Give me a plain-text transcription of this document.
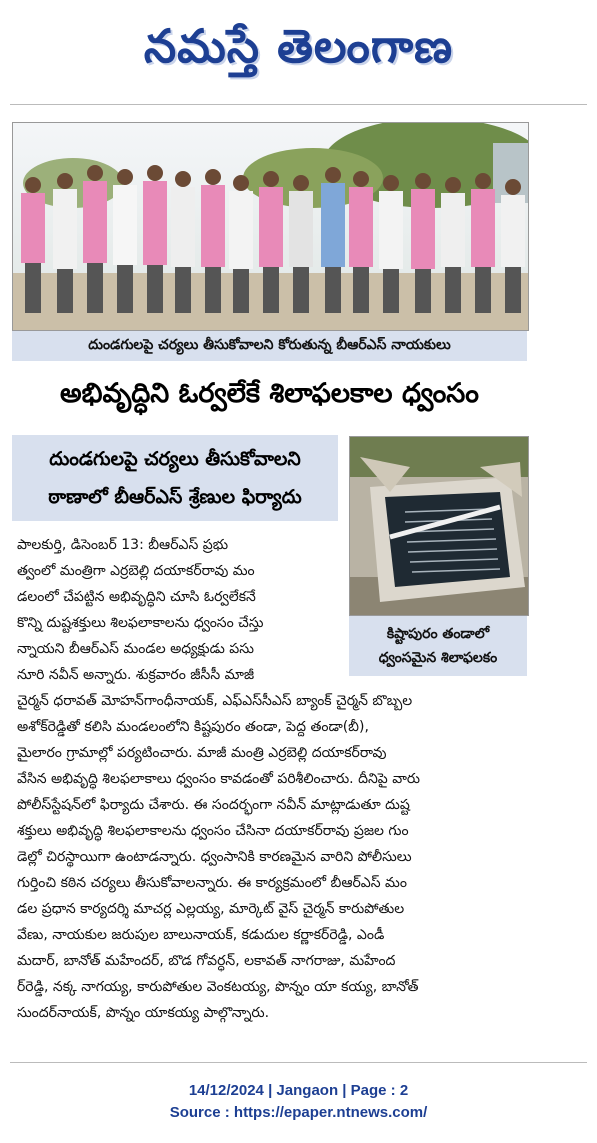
నమస్తే తెలంగాణ
దుండగులపై చర్యలు తీసుకోవాలని కోరుతున్న బీఆర్ఎస్ నాయకులు
అభివృద్ధిని ఓర్వలేకే శిలాఫలకాల ధ్వంసం
దుండగులపై చర్యలు తీసుకోవాలని
ఠాణాలో బీఆర్ఎస్ శ్రేణుల ఫిర్యాదు
కిష్టాపురం తండాలో
ధ్వంసమైన శిలాఫలకం
పాలకుర్తి, డిసెంబర్ 13: బీఆర్ఎస్ ప్రభు
త్వంలో మంత్రిగా ఎర్రబెల్లి దయాకర్‌రావు మం
డలంలో చేపట్టిన అభివృద్ధిని చూసి ఓర్వలేకనే
కొన్ని దుష్టశక్తులు శిలఫలాకాలను ధ్వంసం చేస్తు
న్నాయని బీఆర్ఎస్ మండల అధ్యక్షుడు పసు
నూరి నవీన్ అన్నారు. శుక్రవారం జీసీసీ మాజీ
చైర్మన్ ధరావత్ మోహన్‌గాంధీనాయక్, ఎఫ్ఎస్‌సీఎస్ బ్యాంక్ చైర్మన్ బొబ్బల
అశోక్‌రెడ్డితో కలిసి మండలంలోని కిష్టపురం తండా, పెద్ద తండా(బీ),
మైలారం గ్రామాల్లో పర్యటించారు. మాజీ మంత్రి ఎర్రబెల్లి దయాకర్‌రావు
వేసిన అభివృద్ధి శిలఫలాకాలు ధ్వంసం కావడంతో పరిశీలించారు. దీనిపై వారు
పోలీస్‌స్టేషన్‌లో ఫిర్యాదు చేశారు. ఈ సందర్భంగా నవీన్ మాట్లాడుతూ దుష్ట
శక్తులు అభివృద్ధి శిలఫలాకాలను ధ్వంసం చేసినా దయాకర్‌రావు ప్రజల గుం
డెల్లో చిరస్థాయిగా ఉంటాడన్నారు. ధ్వంసానికి కారణమైన వారిని పోలీసులు
గుర్తించి కఠిన చర్యలు తీసుకోవాలన్నారు. ఈ కార్యక్రమంలో బీఆర్ఎస్ మం
డల ప్రధాన కార్యదర్శి మాచర్ల ఎల్లయ్య, మార్కెట్ వైస్ చైర్మన్ కారుపోతుల
వేణు, నాయకుల జరుపుల బాలునాయక్, కడుదుల కర్ణాకర్‌రెడ్డి, ఎండీ
మదార్, బానోత్ మహేందర్, బొడ గోవర్ధన్, లకావత్ నాగరాజు, మహేంద
ర్‌రెడ్డి, నక్క నాగయ్య, కారుపోతుల వెంకటయ్య, పొన్నం యా కయ్య, బానోత్
సుందర్‌నాయక్, పొన్నం యాకయ్య పాల్గొన్నారు.
14/12/2024 | Jangaon | Page : 2
Source : https://epaper.ntnews.com/
